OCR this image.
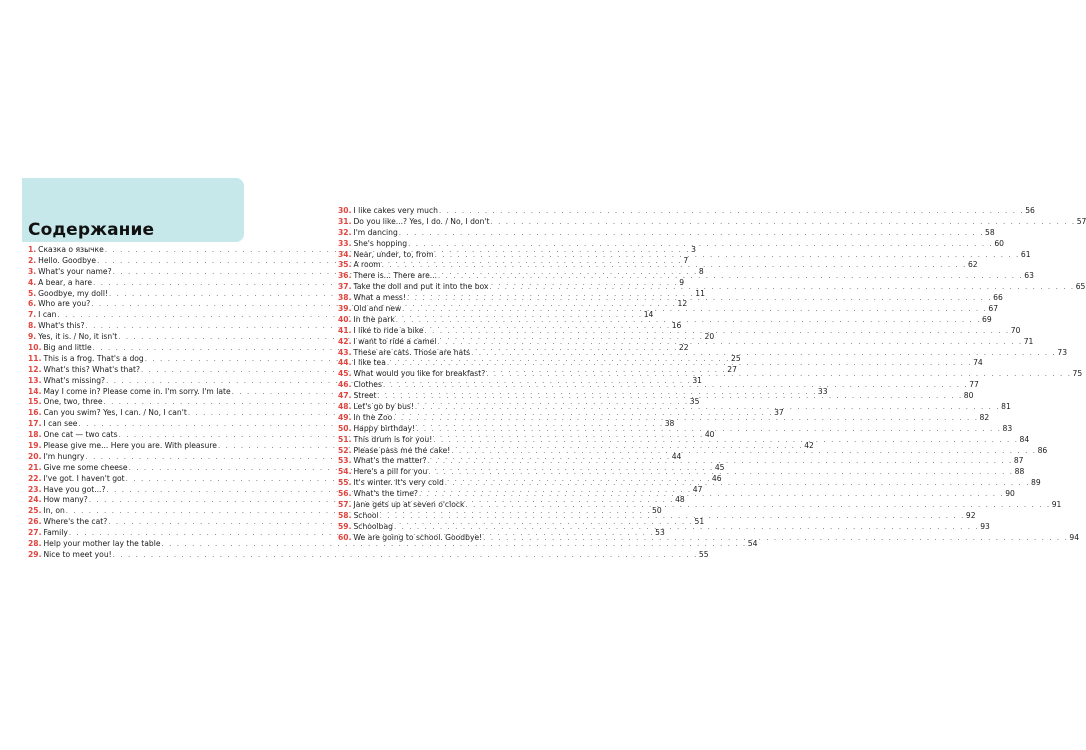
Содержание
1. Сказка о язычке . . .	3
2. Hello. Goodbye . . .	7
3. What's your name? . . .	8
4. A bear, a hare . . .	9
5. Goodbye, my doll! . . .	11
6. Who are you? . . .	12
7. I can . . .	14
8. What's this? . . .	16
9. Yes, it is. / No, it isn't . . .	20
10. Big and little . . .	22
11. This is a frog. That's a dog . . .	25
12. What's this? What's that? . . .	27
13. What's missing? . . .	31
14. May I come in? Please come in. I'm sorry. I'm late . . .	33
15. One, two, three . . .	35
16. Can you swim? Yes, I can. / No, I can't . . .	37
17. I can see . . .	38
18. One cat — two cats . . .	40
19. Please give me... Here you are. With pleasure . . .	42
20. I'm hungry . . .	44
21. Give me some cheese . . .	45
22. I've got. I haven't got . . .	46
23. Have you got...? . . .	47
24. How many? . . .	48
25. In, on . . .	50
26. Where's the cat? . . .	51
27. Family . . .	53
28. Help your mother lay the table . . .	54
29. Nice to meet you! . . .	55
30. I like cakes very much . . .	56
31. Do you like...? Yes, I do. / No, I don't . . .	57
32. I'm dancing . . .	58
33. She's hopping . . .	60
34. Near, under, to, from . . .	61
35. A room . . .	62
36. There is... There are... . . .	63
37. Take the doll and put it into the box . . .	65
38. What a mess! . . .	66
39. Old and new . . .	67
40. In the park . . .	69
41. I like to ride a bike . . .	70
42. I want to ride a camel . . .	71
43. These are cats. Those are hats . . .	73
44. I like tea . . .	74
45. What would you like for breakfast? . . .	75
46. Clothes . . .	77
47. Street . . .	80
48. Let's go by bus! . . .	81
49. In the Zoo . . .	82
50. Happy birthday! . . .	83
51. This drum is for you! . . .	84
52. Please pass me the cake! . . .	86
53. What's the matter? . . .	87
54. Here's a pill for you . . .	88
55. It's winter. It's very cold . . .	89
56. What's the time? . . .	90
57. Jane gets up at seven o'clock . . .	91
58. School . . .	92
59. Schoolbag . . .	93
60. We are going to school. Goodbye! . . .	94
